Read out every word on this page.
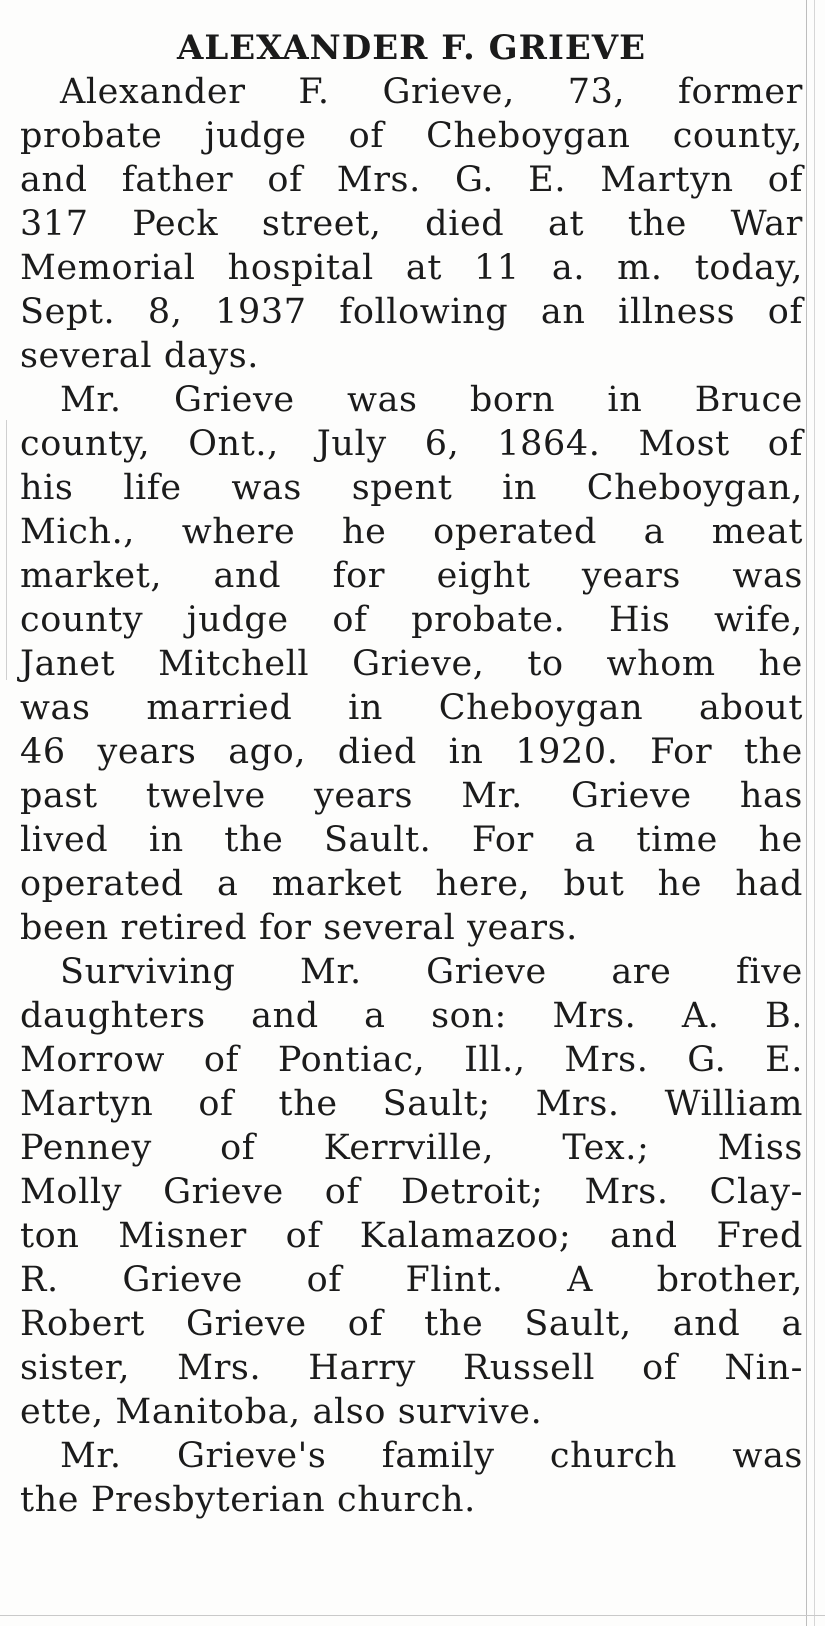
ALEXANDER F. GRIEVE

Alexander F. Grieve, 73, former
probate judge of Cheboygan county,
and father of Mrs. G. E. Martyn of
317 Peck street, died at the War
Memorial hospital at 11 a. m. today,
Sept. 8, 1937 following an illness of
several days.

Mr. Grieve was born in Bruce
county, Ont., July 6, 1864. Most of
his life was spent in Cheboygan,
Mich., where he operated a meat
market, and for eight years was
county judge of probate. His wife,
Janet Mitchell Grieve, to whom he
was married in Cheboygan about
46 years ago, died in 1920. For the
past twelve years Mr. Grieve has
lived in the Sault. For a time he
operated a market here, but he had
been retired for several years.

Surviving Mr. Grieve are five
daughters and a son: Mrs. A. B.
Morrow of Pontiac, Ill., Mrs. G. E.
Martyn of the Sault; Mrs. William
Penney of Kerrville, Tex.; Miss
Molly Grieve of Detroit; Mrs. Clay-
ton Misner of Kalamazoo; and Fred
R. Grieve of Flint. A brother,
Robert Grieve of the Sault, and a
sister, Mrs. Harry Russell of Nin-
ette, Manitoba, also survive.

Mr. Grieve's family church was
the Presbyterian church.
